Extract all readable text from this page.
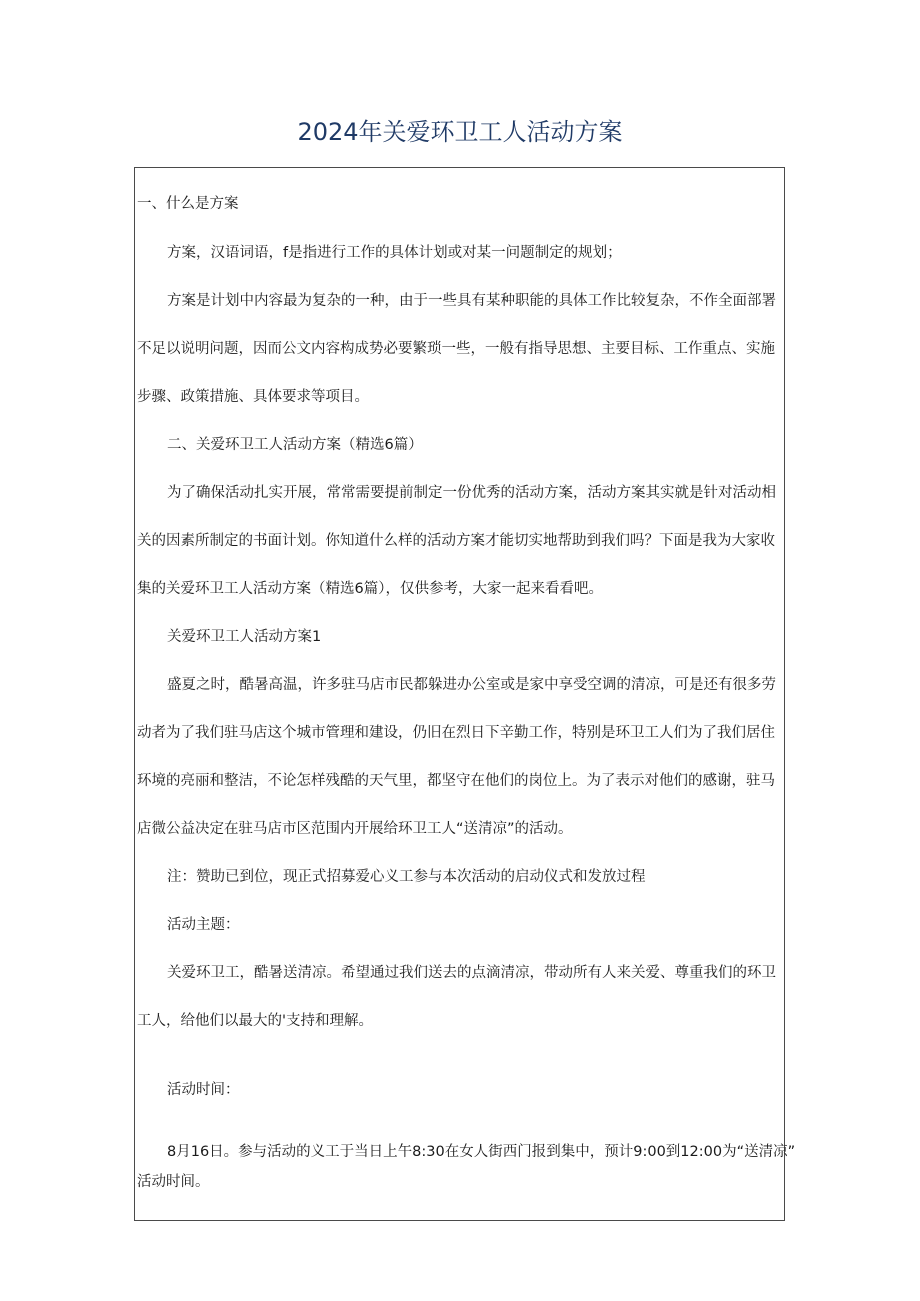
2024年关爱环卫工人活动方案
一、什么是方案
方案，汉语词语，f是指进行工作的具体计划或对某一问题制定的规划；
方案是计划中内容最为复杂的一种，由于一些具有某种职能的具体工作比较复杂，不作全面部署
不足以说明问题，因而公文内容构成势必要繁琐一些，一般有指导思想、主要目标、工作重点、实施
步骤、政策措施、具体要求等项目。
二、关爱环卫工人活动方案（精选6篇）
为了确保活动扎实开展，常常需要提前制定一份优秀的活动方案，活动方案其实就是针对活动相
关的因素所制定的书面计划。你知道什么样的活动方案才能切实地帮助到我们吗？下面是我为大家收
集的关爱环卫工人活动方案（精选6篇），仅供参考，大家一起来看看吧。
关爱环卫工人活动方案1
盛夏之时，酷暑高温，许多驻马店市民都躲进办公室或是家中享受空调的清凉，可是还有很多劳
动者为了我们驻马店这个城市管理和建设，仍旧在烈日下辛勤工作，特别是环卫工人们为了我们居住
环境的亮丽和整洁，不论怎样残酷的天气里，都坚守在他们的岗位上。为了表示对他们的感谢，驻马
店微公益决定在驻马店市区范围内开展给环卫工人“送清凉”的活动。
注：赞助已到位，现正式招募爱心义工参与本次活动的启动仪式和发放过程
活动主题：
关爱环卫工，酷暑送清凉。希望通过我们送去的点滴清凉，带动所有人来关爱、尊重我们的环卫
工人，给他们以最大的'支持和理解。
活动时间：
8月16日。参与活动的义工于当日上午8:30在女人街西门报到集中，预计9:00到12:00为“送清凉”
活动时间。
